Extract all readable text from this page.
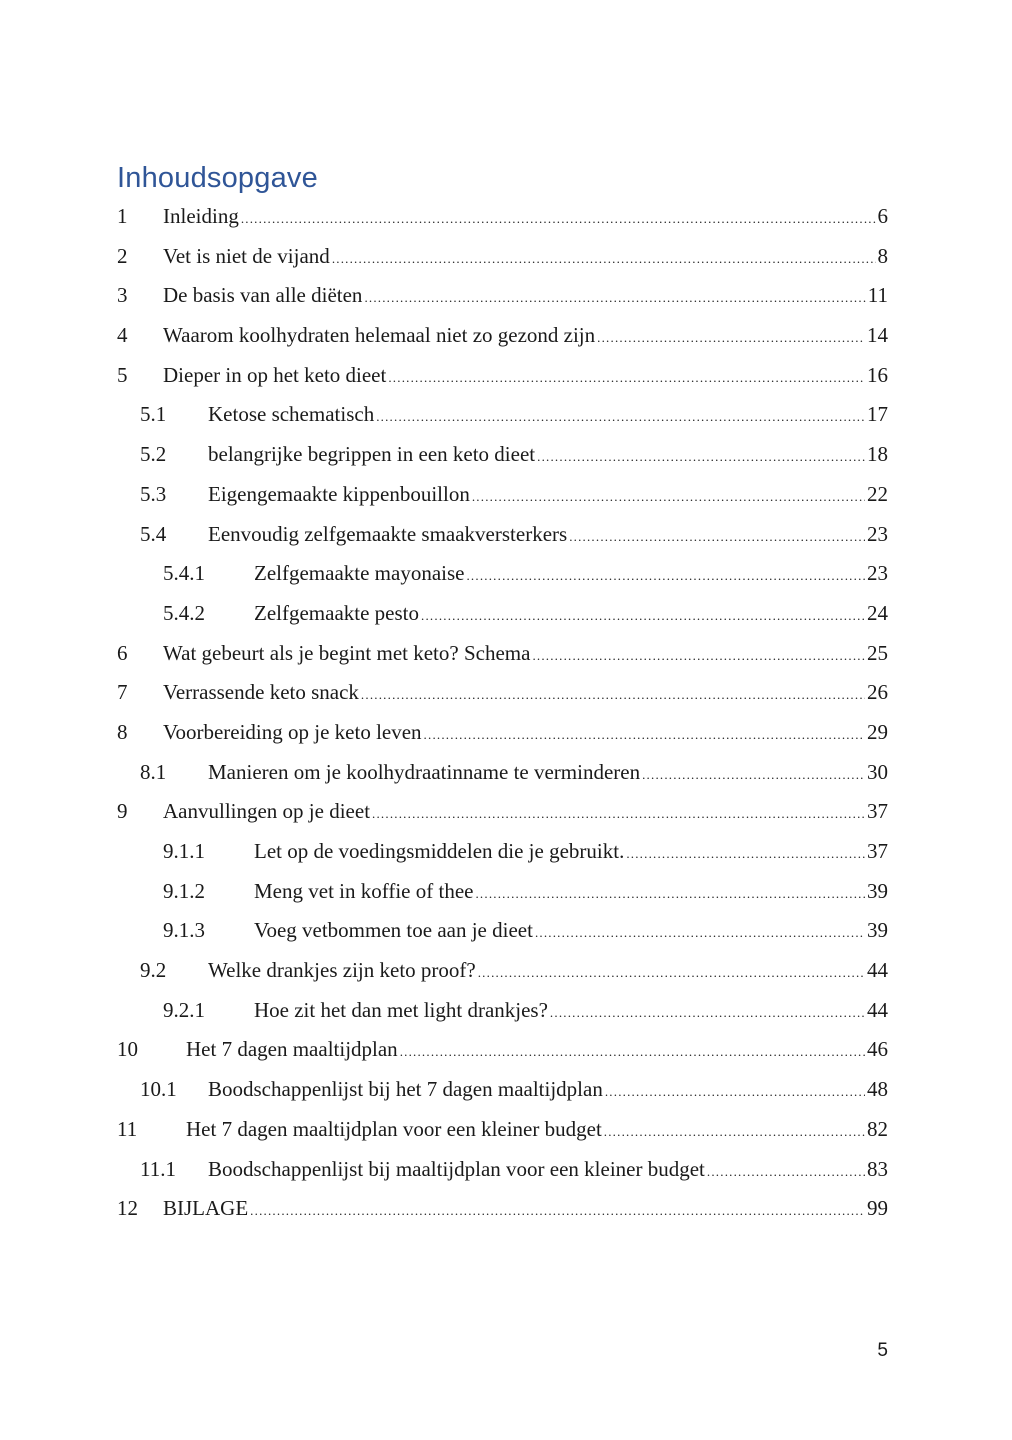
Inhoudsopgave
1 Inleiding .....	6
2 Vet is niet de vijand .....	8
3 De basis van alle diëten .....	11
4 Waarom koolhydraten helemaal niet zo gezond zijn .....	14
5 Dieper in op het keto dieet .....	16
5.1 Ketose schematisch .....	17
5.2 belangrijke begrippen in een keto dieet .....	18
5.3 Eigengemaakte kippenbouillon .....	22
5.4 Eenvoudig zelfgemaakte smaakversterkers .....	23
5.4.1 Zelfgemaakte mayonaise .....	23
5.4.2 Zelfgemaakte pesto .....	24
6 Wat gebeurt als je begint met keto? Schema .....	25
7 Verrassende keto snack .....	26
8 Voorbereiding op je keto leven .....	29
8.1 Manieren om je koolhydraatinname te verminderen .....	30
9 Aanvullingen op je dieet .....	37
9.1.1 Let op de voedingsmiddelen die je gebruikt. .....	37
9.1.2 Meng vet in koffie of thee .....	39
9.1.3 Voeg vetbommen toe aan je dieet .....	39
9.2 Welke drankjes zijn keto proof? .....	44
9.2.1 Hoe zit het dan met light drankjes? .....	44
10 Het 7 dagen maaltijdplan .....	46
10.1 Boodschappenlijst bij het 7 dagen maaltijdplan .....	48
11 Het 7 dagen maaltijdplan voor een kleiner budget .....	82
11.1 Boodschappenlijst bij maaltijdplan voor een kleiner budget .....	83
12 BIJLAGE .....	99
5
